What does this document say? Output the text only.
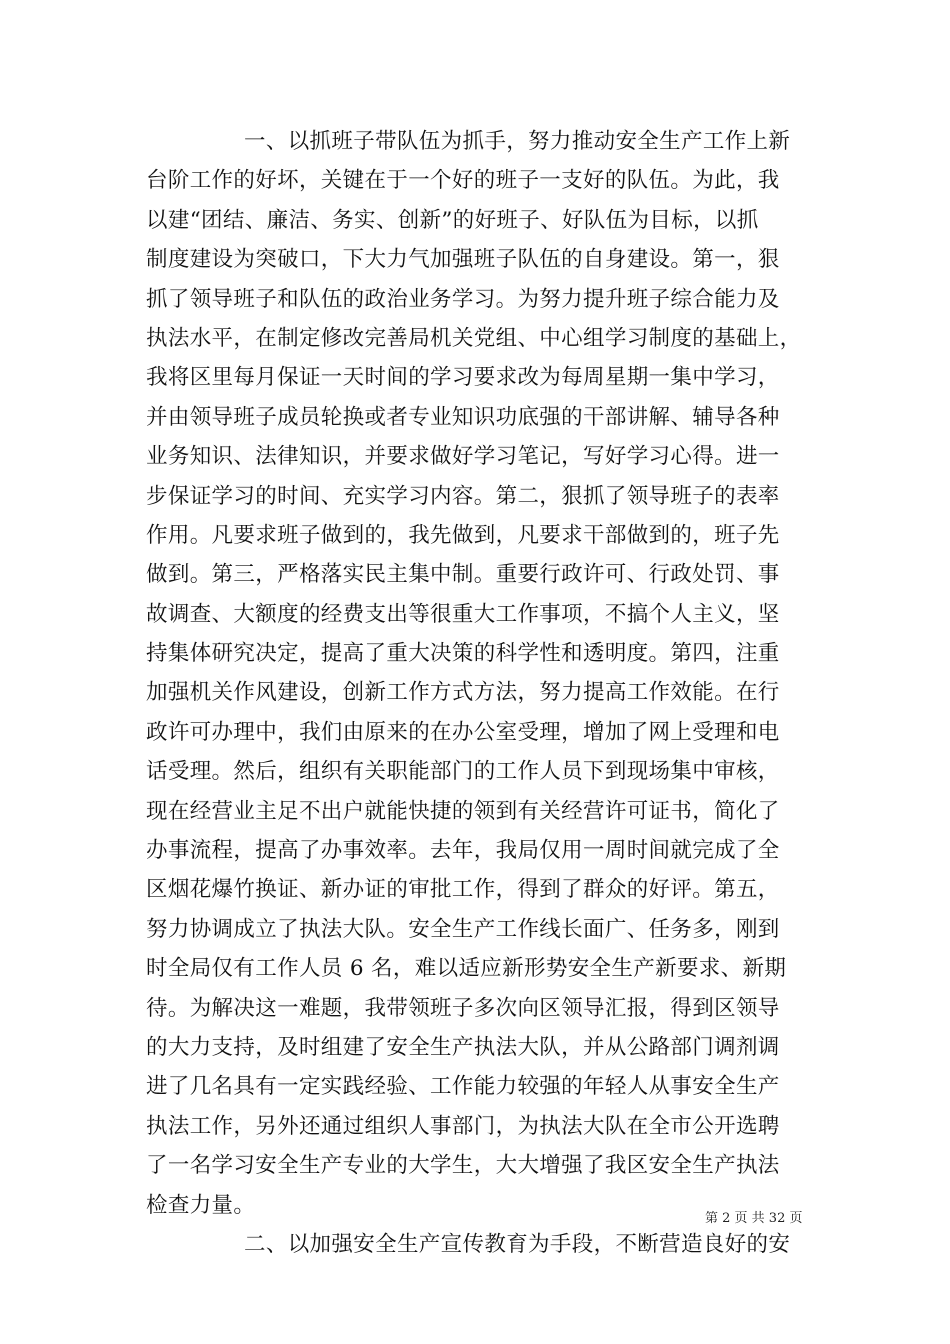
一、以抓班子带队伍为抓手，努力推动安全生产工作上新
台阶工作的好坏，关键在于一个好的班子一支好的队伍。为此，我
以建“团结、廉洁、务实、创新”的好班子、好队伍为目标，以抓
制度建设为突破口，下大力气加强班子队伍的自身建设。第一，狠
抓了领导班子和队伍的政治业务学习。为努力提升班子综合能力及
执法水平，在制定修改完善局机关党组、中心组学习制度的基础上，
我将区里每月保证一天时间的学习要求改为每周星期一集中学习，
并由领导班子成员轮换或者专业知识功底强的干部讲解、辅导各种
业务知识、法律知识，并要求做好学习笔记，写好学习心得。进一
步保证学习的时间、充实学习内容。第二，狠抓了领导班子的表率
作用。凡要求班子做到的，我先做到，凡要求干部做到的，班子先
做到。第三，严格落实民主集中制。重要行政许可、行政处罚、事
故调查、大额度的经费支出等很重大工作事项，不搞个人主义，坚
持集体研究决定，提高了重大决策的科学性和透明度。第四，注重
加强机关作风建设，创新工作方式方法，努力提高工作效能。在行
政许可办理中，我们由原来的在办公室受理，增加了网上受理和电
话受理。然后，组织有关职能部门的工作人员下到现场集中审核，
现在经营业主足不出户就能快捷的领到有关经营许可证书，简化了
办事流程，提高了办事效率。去年，我局仅用一周时间就完成了全
区烟花爆竹换证、新办证的审批工作，得到了群众的好评。第五，
努力协调成立了执法大队。安全生产工作线长面广、任务多，刚到
时全局仅有工作人员 6 名，难以适应新形势安全生产新要求、新期
待。为解决这一难题，我带领班子多次向区领导汇报，得到区领导
的大力支持，及时组建了安全生产执法大队，并从公路部门调剂调
进了几名具有一定实践经验、工作能力较强的年轻人从事安全生产
执法工作，另外还通过组织人事部门，为执法大队在全市公开选聘
了一名学习安全生产专业的大学生，大大增强了我区安全生产执法
检查力量。
二、以加强安全生产宣传教育为手段，不断营造良好的安
第 2 页 共 32 页
